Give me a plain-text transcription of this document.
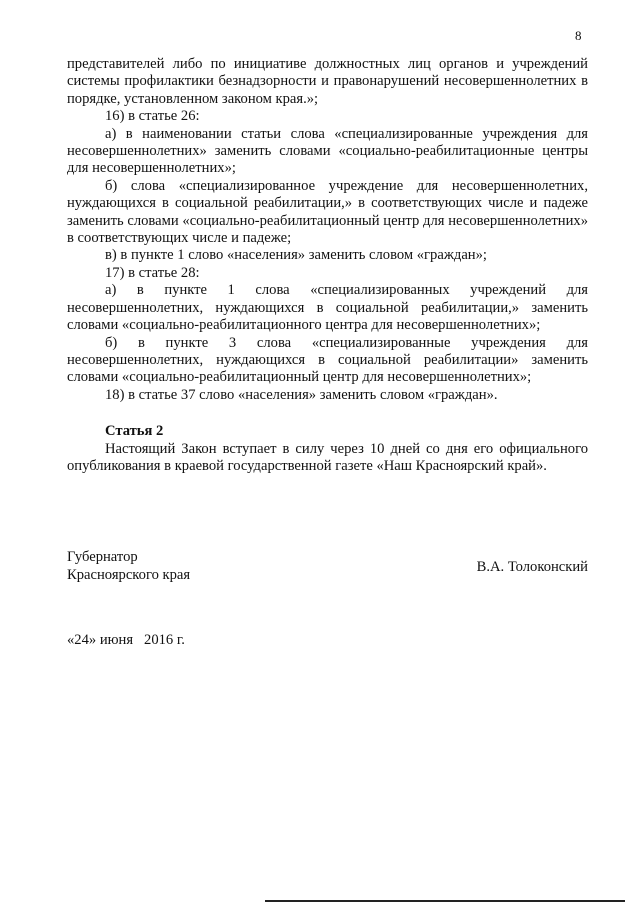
8

представителей либо по инициативе должностных лиц органов и учреждений системы профилактики безнадзорности и правонарушений несовершеннолетних в порядке, установленном законом края.»;

16) в статье 26:

а) в наименовании статьи слова «специализированные учреждения для несовершеннолетних» заменить словами «социально-реабилитационные центры для несовершеннолетних»;

б) слова «специализированное учреждение для несовершеннолетних, нуждающихся в социальной реабилитации,» в соответствующих числе и падеже заменить словами «социально-реабилитационный центр для несовершеннолетних» в соответствующих числе и падеже;

в) в пункте 1 слово «населения» заменить словом «граждан»;

17) в статье 28:

а) в пункте 1 слова «специализированных учреждений для несовершеннолетних, нуждающихся в социальной реабилитации,» заменить словами «социально-реабилитационного центра для несовершеннолетних»;

б) в пункте 3 слова «специализированные учреждения для несовершеннолетних, нуждающихся в социальной реабилитации» заменить словами «социально-реабилитационный центр для несовершеннолетних»;

18) в статье 37 слово «населения» заменить словом «граждан».

Статья 2

Настоящий Закон вступает в силу через 10 дней со дня его официального опубликования в краевой государственной газете «Наш Красноярский край».

Губернатор
Красноярского края	В.А. Толоконский
«24» июня   2016 г.
